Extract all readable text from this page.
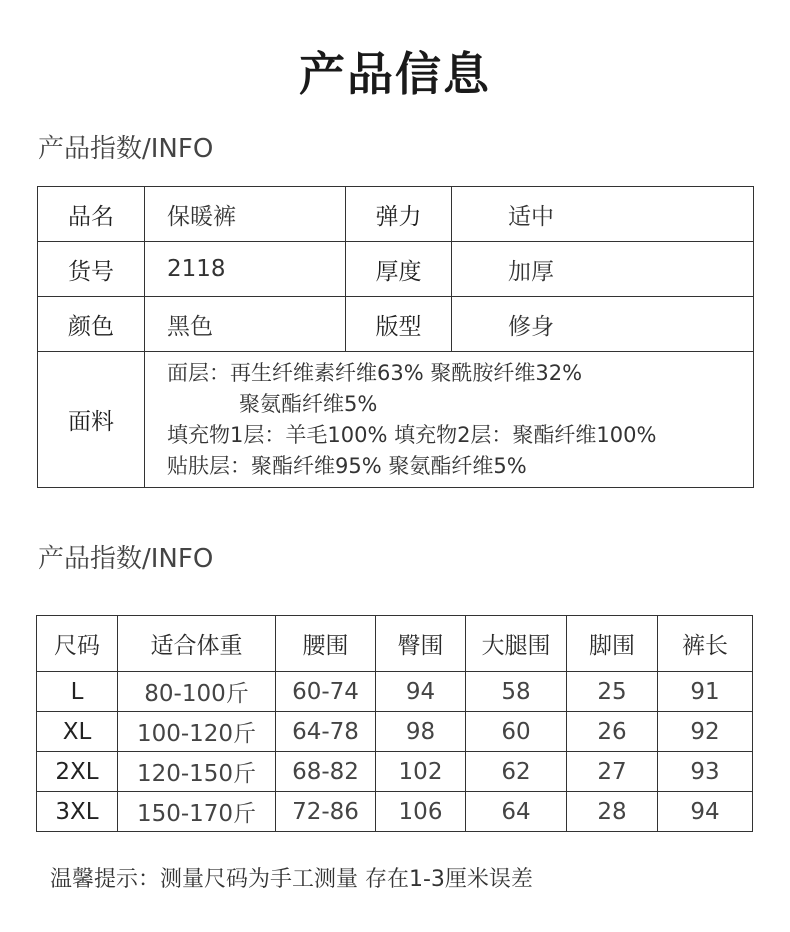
产品信息
产品指数/INFO
品名	保暖裤	弹力	适中
货号	2118	厚度	加厚
颜色	黑色	版型	修身
面料	面层：再生纤维素纤维63% 聚酰胺纤维32%
聚氨酯纤维5%
填充物1层：羊毛100% 填充物2层：聚酯纤维100%
贴肤层：聚酯纤维95% 聚氨酯纤维5%		
产品指数/INFO
尺码	适合体重	腰围	臀围	大腿围	脚围	裤长
L	80-100斤	60-74	94	58	25	91
XL	100-120斤	64-78	98	60	26	92
2XL	120-150斤	68-82	102	62	27	93
3XL	150-170斤	72-86	106	64	28	94
温馨提示：测量尺码为手工测量 存在1-3厘米误差
